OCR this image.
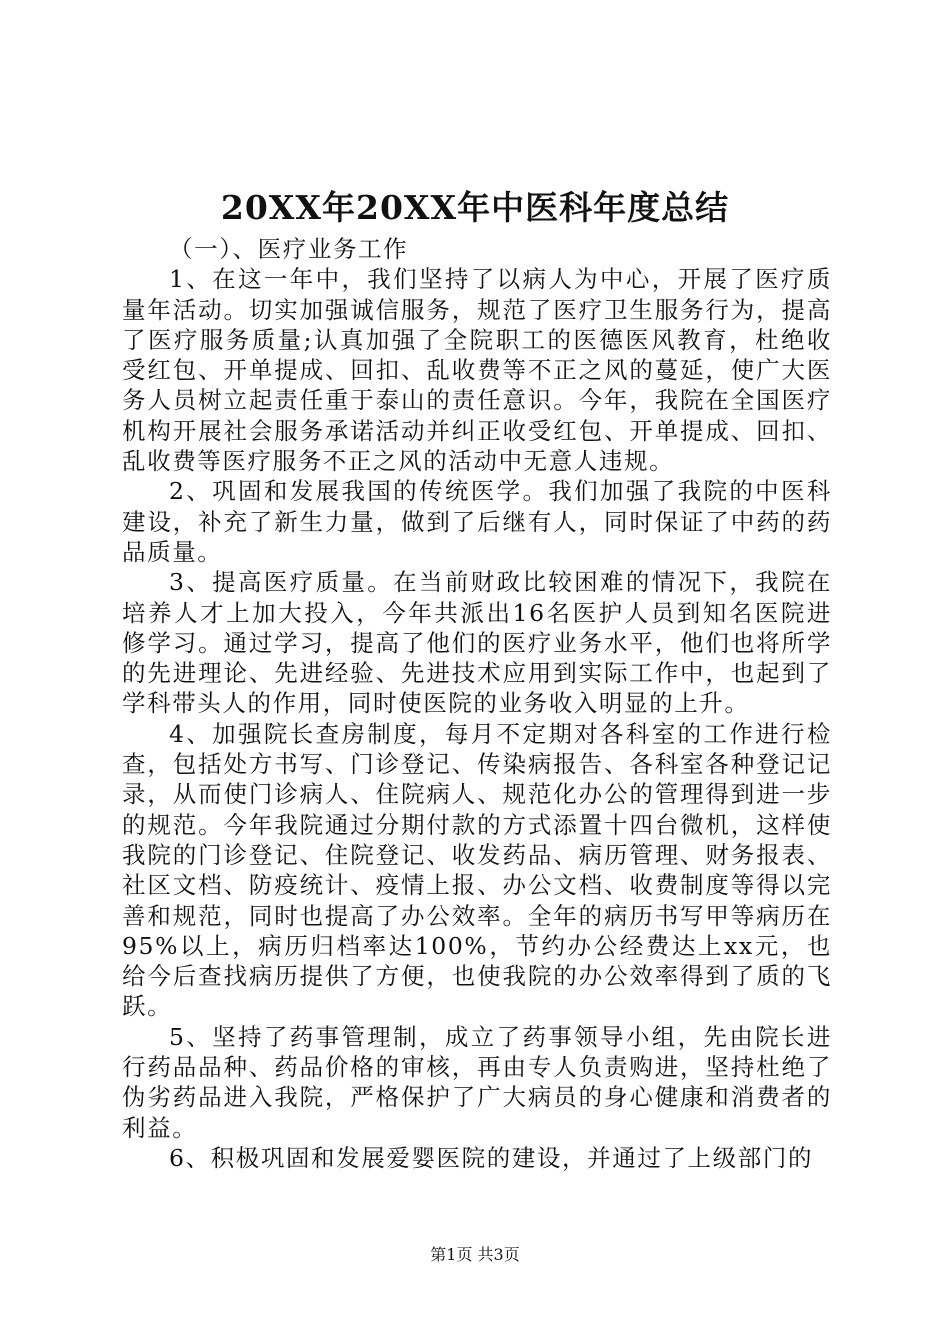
20XX年20XX年中医科年度总结

（一）、医疗业务工作

1、在这一年中，我们坚持了以病人为中心，开展了医疗质量年活动。切实加强诚信服务，规范了医疗卫生服务行为，提高了医疗服务质量;认真加强了全院职工的医德医风教育，杜绝收受红包、开单提成、回扣、乱收费等不正之风的蔓延，使广大医务人员树立起责任重于泰山的责任意识。今年，我院在全国医疗机构开展社会服务承诺活动并纠正收受红包、开单提成、回扣、乱收费等医疗服务不正之风的活动中无意人违规。

2、巩固和发展我国的传统医学。我们加强了我院的中医科建设，补充了新生力量，做到了后继有人，同时保证了中药的药品质量。

3、提高医疗质量。在当前财政比较困难的情况下，我院在培养人才上加大投入，今年共派出16名医护人员到知名医院进修学习。通过学习，提高了他们的医疗业务水平，他们也将所学的先进理论、先进经验、先进技术应用到实际工作中，也起到了学科带头人的作用，同时使医院的业务收入明显的上升。

4、加强院长查房制度，每月不定期对各科室的工作进行检查，包括处方书写、门诊登记、传染病报告、各科室各种登记记录，从而使门诊病人、住院病人、规范化办公的管理得到进一步的规范。今年我院通过分期付款的方式添置十四台微机，这样使我院的门诊登记、住院登记、收发药品、病历管理、财务报表、社区文档、防疫统计、疫情上报、办公文档、收费制度等得以完善和规范，同时也提高了办公效率。全年的病历书写甲等病历在95%以上，病历归档率达100%，节约办公经费达上xx元，也给今后查找病历提供了方便，也使我院的办公效率得到了质的飞跃。

5、坚持了药事管理制，成立了药事领导小组，先由院长进行药品品种、药品价格的审核，再由专人负责购进，坚持杜绝了伪劣药品进入我院，严格保护了广大病员的身心健康和消费者的利益。

6、积极巩固和发展爱婴医院的建设，并通过了上级部门的

第1页 共3页
